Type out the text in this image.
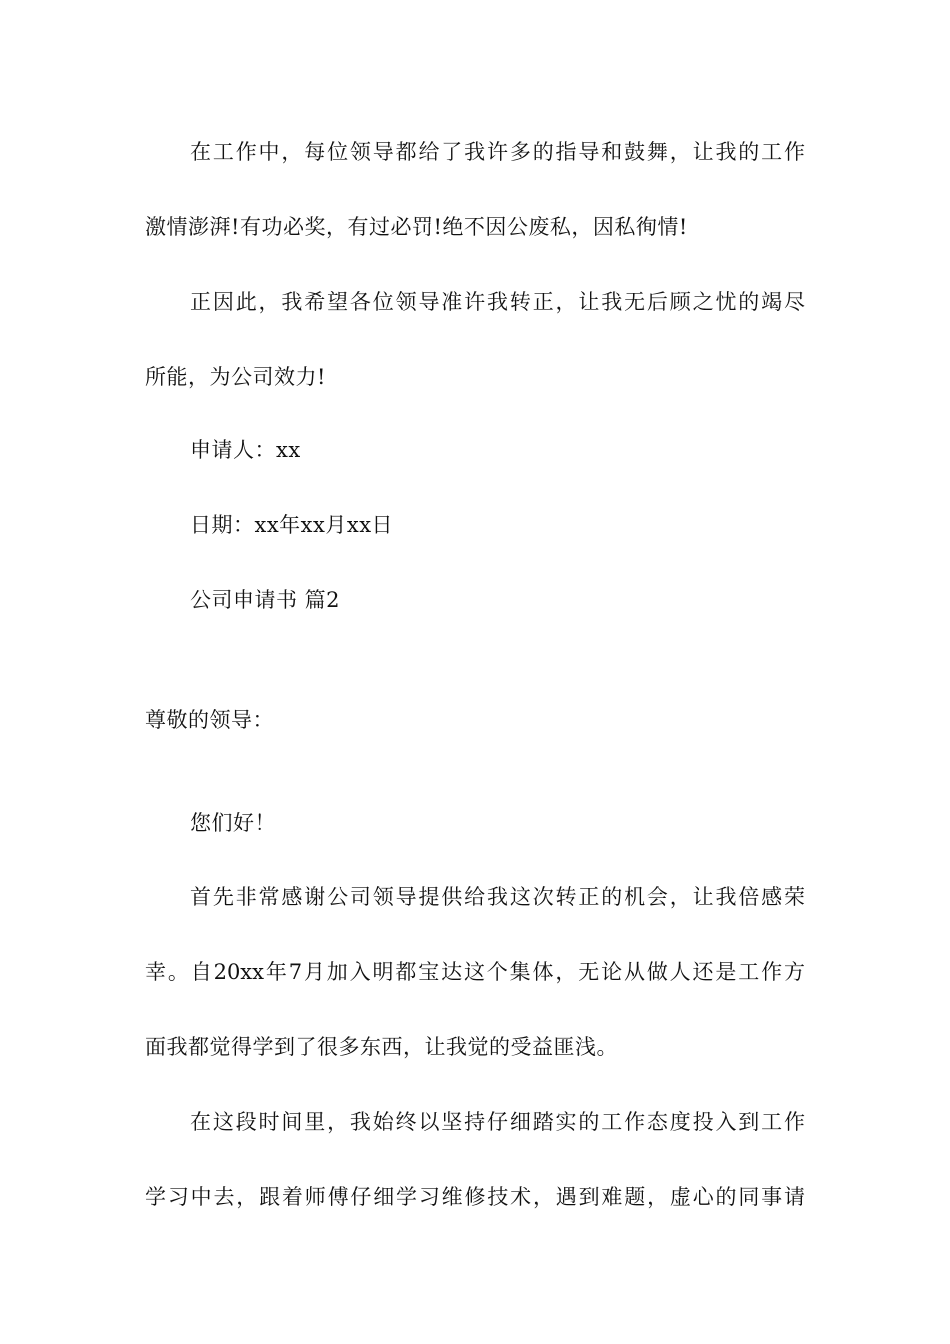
在工作中，每位领导都给了我许多的指导和鼓舞，让我的工作
激情澎湃!有功必奖，有过必罚!绝不因公废私，因私徇情!
正因此，我希望各位领导准许我转正，让我无后顾之忧的竭尽
所能，为公司效力!
申请人：xx
日期：xx年xx月xx日
公司申请书 篇2
尊敬的领导：
您们好！
首先非常感谢公司领导提供给我这次转正的机会，让我倍感荣
幸。自20xx年7月加入明都宝达这个集体，无论从做人还是工作方
面我都觉得学到了很多东西，让我觉的受益匪浅。
在这段时间里，我始终以坚持仔细踏实的工作态度投入到工作
学习中去，跟着师傅仔细学习维修技术，遇到难题，虚心的同事请
